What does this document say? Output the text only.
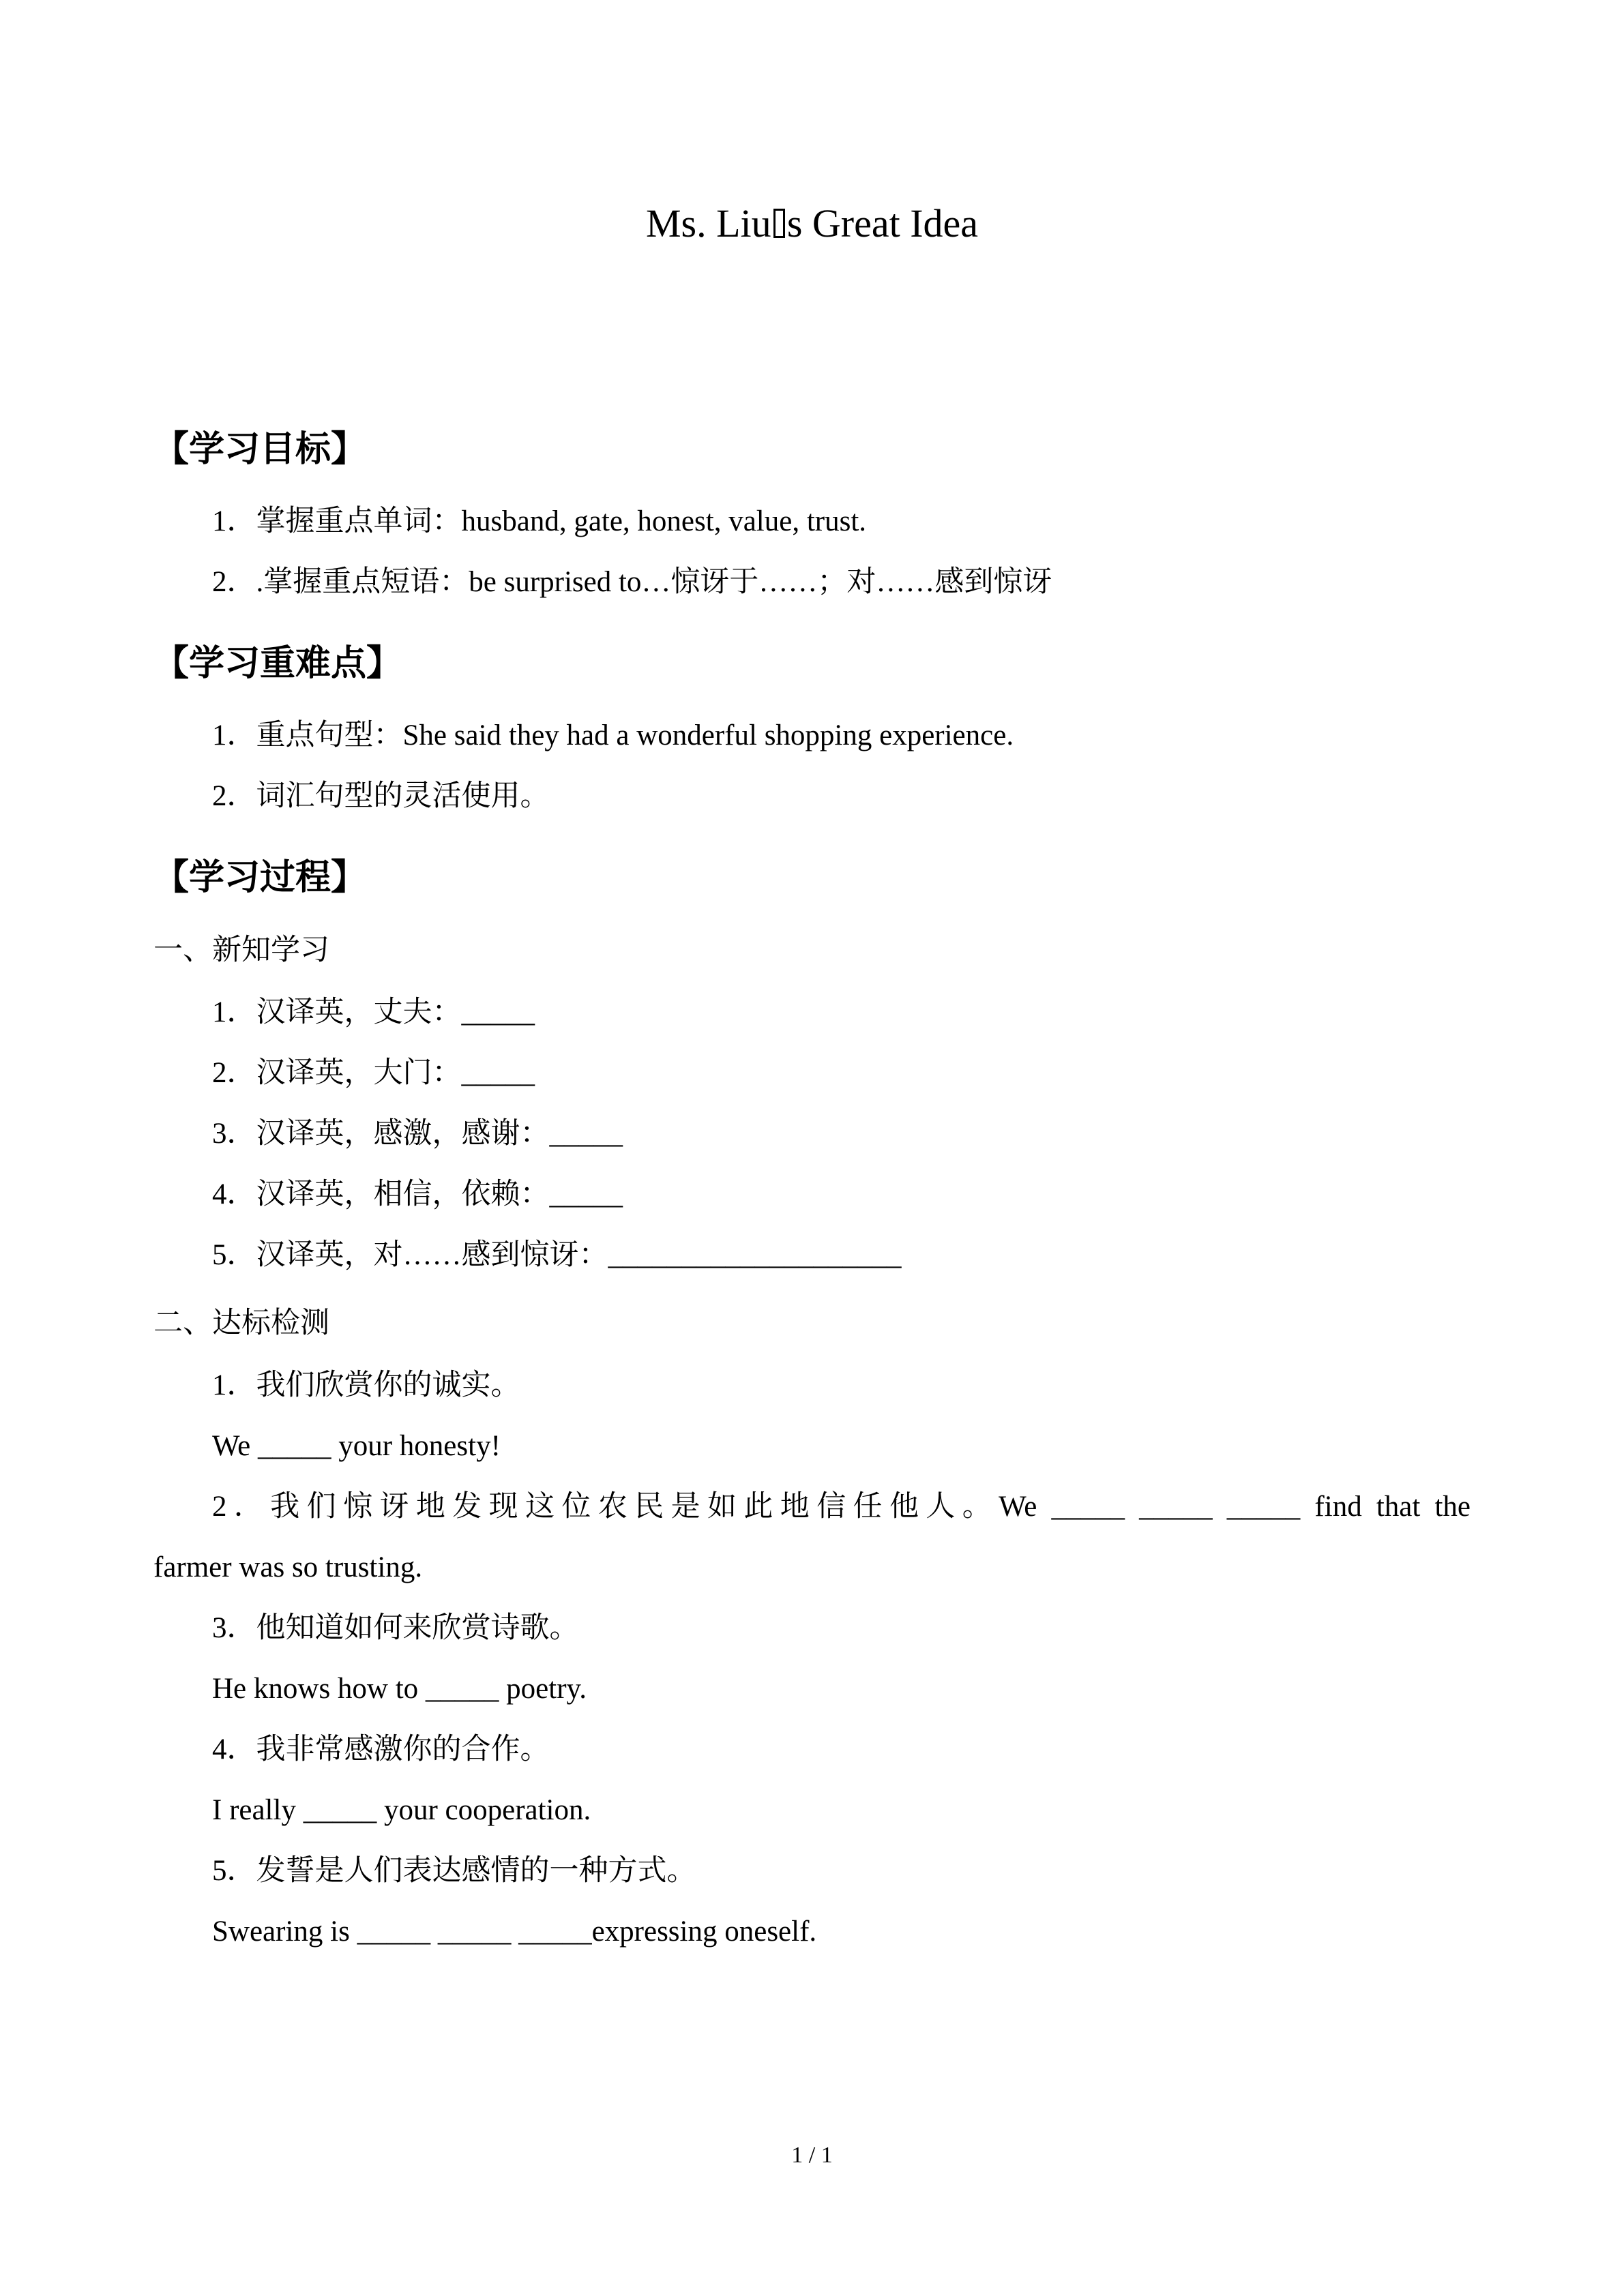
Ms. Liu s Great Idea
【学习目标】

1．掌握重点单词：husband, gate, honest, value, trust.

2．.掌握重点短语：be surprised to…惊讶于……；对……感到惊讶

【学习重难点】

1．重点句型：She said they had a wonderful shopping experience.

2．词汇句型的灵活使用。

【学习过程】

一、新知学习

1．汉译英，丈夫：_____

2．汉译英，大门：_____

3．汉译英，感激，感谢：_____

4．汉译英，相信，依赖：_____

5．汉译英，对……感到惊讶：____________________

二、达标检测

1．我们欣赏你的诚实。

We _____ your honesty!

2．我们惊讶地发现这位农民是如此地信任他人。We _____ _____ _____ find that the

farmer was so trusting.

3．他知道如何来欣赏诗歌。

He knows how to _____ poetry.

4．我非常感激你的合作。

I really _____ your cooperation.

5．发誓是人们表达感情的一种方式。

Swearing is _____ _____ _____expressing oneself.

1 / 1
